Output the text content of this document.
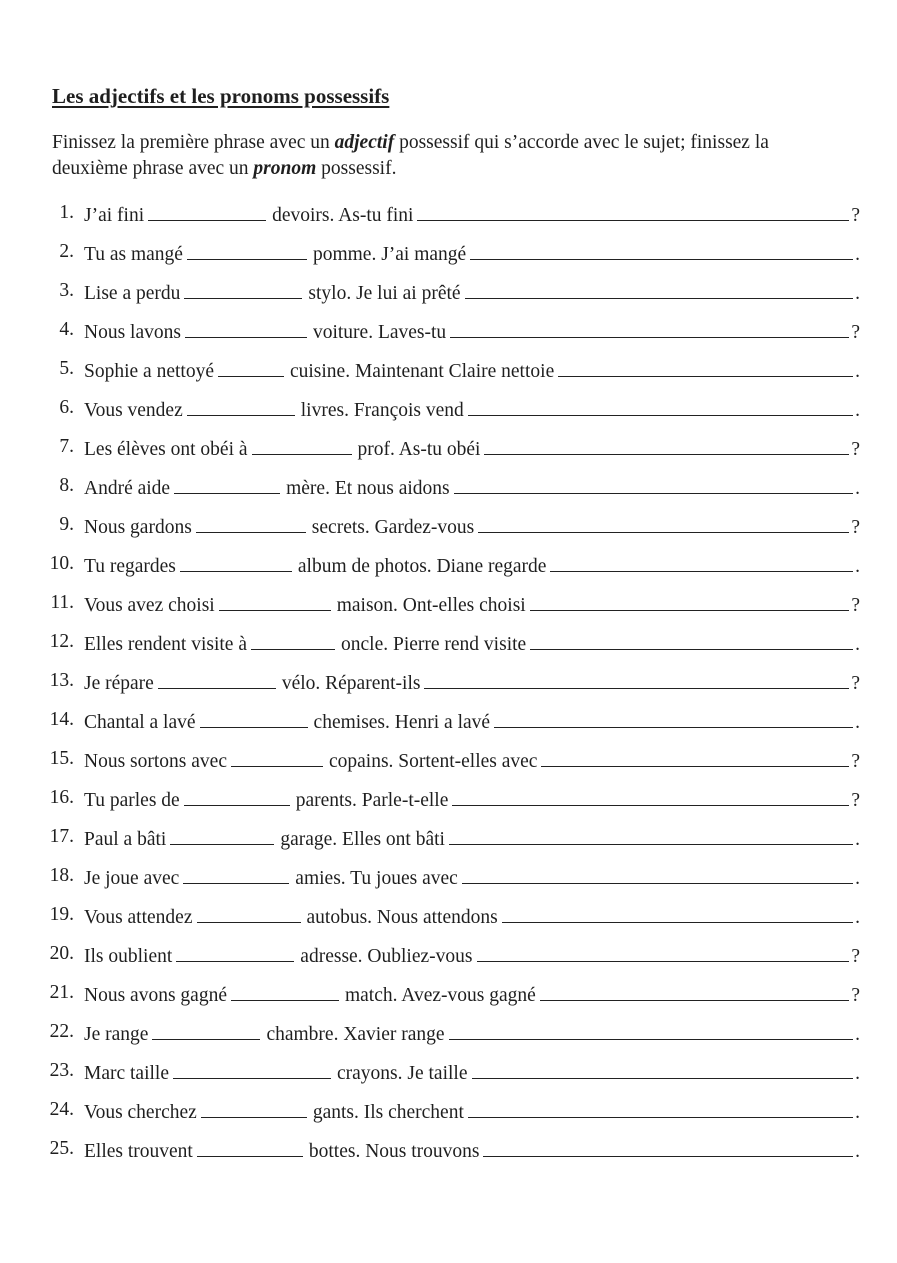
Les adjectifs et les pronoms possessifs
Finissez la première phrase avec un adjectif possessif qui s’accorde avec le sujet; finissez la deuxième phrase avec un pronom possessif.
1. J’ai fini	devoirs. As-tu fini	?
2. Tu as mangé	pomme. J’ai mangé	.
3. Lise a perdu	stylo. Je lui ai prêté	.
4. Nous lavons	voiture. Laves-tu	?
5. Sophie a nettoyé	cuisine. Maintenant Claire nettoie	.
6. Vous vendez	livres. François vend	.
7. Les élèves ont obéi à	prof. As-tu obéi	?
8. André aide	mère. Et nous aidons	.
9. Nous gardons	secrets. Gardez-vous	?
10. Tu regardes	album de photos. Diane regarde	.
11. Vous avez choisi	maison. Ont-elles choisi	?
12. Elles rendent visite à	oncle. Pierre rend visite	.
13. Je répare	vélo. Réparent-ils	?
14. Chantal a lavé	chemises. Henri a lavé	.
15. Nous sortons avec	copains. Sortent-elles avec	?
16. Tu parles de	parents. Parle-t-elle	?
17. Paul a bâti	garage. Elles ont bâti	.
18. Je joue avec	amies. Tu joues avec	.
19. Vous attendez	autobus. Nous attendons	.
20. Ils oublient	adresse. Oubliez-vous	?
21. Nous avons gagné	match. Avez-vous gagné	?
22. Je range	chambre. Xavier range	.
23. Marc taille	crayons. Je taille	.
24. Vous cherchez	gants. Ils cherchent	.
25. Elles trouvent	bottes. Nous trouvons	.
